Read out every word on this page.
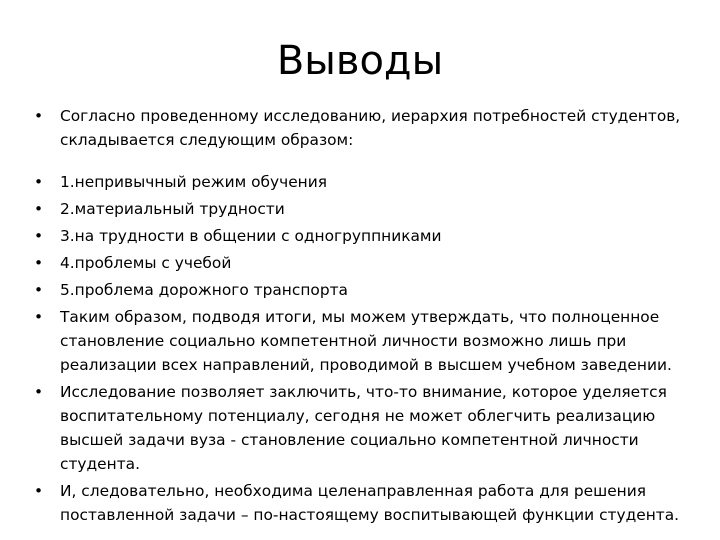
Выводы
•	Согласно проведенному исследованию, иерархия потребностей студентов, складывается следующим образом:
•	1.непривычный режим обучения
•	2.материальный трудности
•	3.на трудности в общении с одногруппниками
•	4.проблемы с учебой
•	5.проблема дорожного транспорта
•	Таким образом, подводя итоги, мы можем утверждать, что полноценное становление социально компетентной личности возможно лишь при реализации всех направлений, проводимой в высшем учебном заведении.
•	Исследование позволяет заключить, что-то внимание, которое уделяется воспитательному потенциалу, сегодня не может облегчить реализацию высшей задачи вуза - становление социально компетентной личности студента.
•	И, следовательно, необходима целенаправленная работа для решения поставленной задачи – по-настоящему воспитывающей функции студента.
